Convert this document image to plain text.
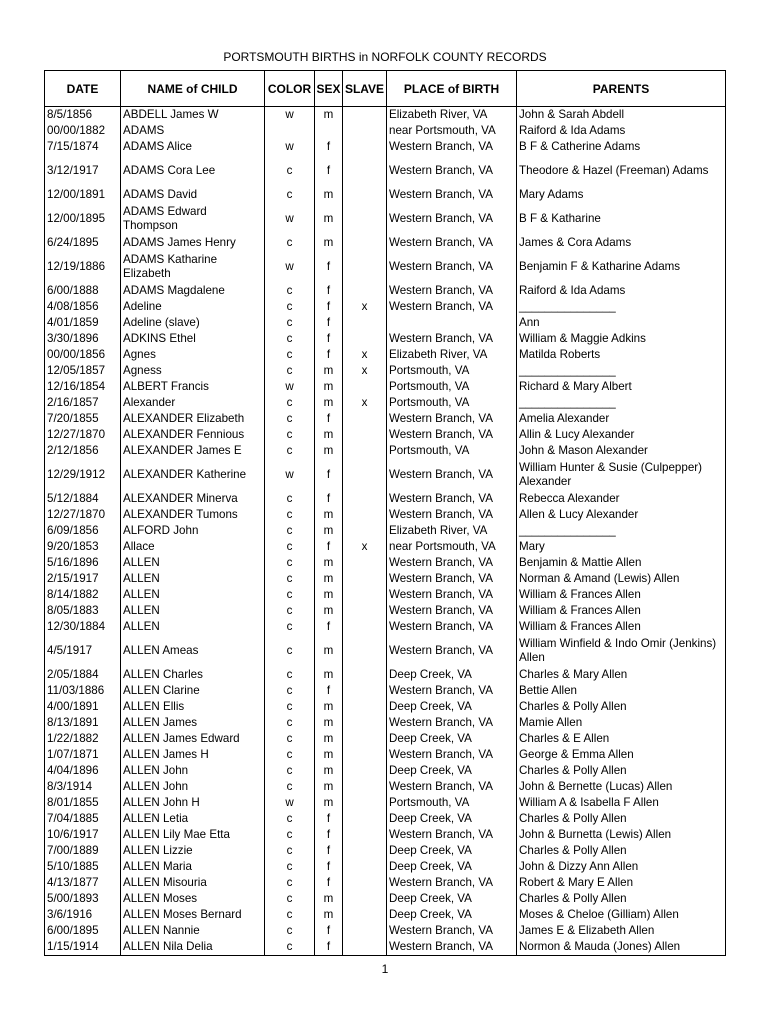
PORTSMOUTH BIRTHS in NORFOLK COUNTY RECORDS
DATE	NAME of CHILD	COLOR	SEX	SLAVE	PLACE of BIRTH	PARENTS
8/5/1856	ABDELL James W	w	m		Elizabeth River, VA	John & Sarah Abdell
00/00/1882	ADAMS				near Portsmouth, VA	Raiford & Ida Adams
7/15/1874	ADAMS Alice	w	f		Western Branch, VA	B F & Catherine Adams
3/12/1917	ADAMS Cora Lee	c	f		Western Branch, VA	Theodore & Hazel (Freeman) Adams
12/00/1891	ADAMS David	c	m		Western Branch, VA	Mary Adams
12/00/1895	ADAMS Edward Thompson	w	m		Western Branch, VA	B F & Katharine
6/24/1895	ADAMS James Henry	c	m		Western Branch, VA	James & Cora Adams
12/19/1886	ADAMS Katharine Elizabeth	w	f		Western Branch, VA	Benjamin F & Katharine Adams
6/00/1888	ADAMS Magdalene	c	f		Western Branch, VA	Raiford & Ida Adams
4/08/1856	Adeline	c	f	x	Western Branch, VA	_______________
4/01/1859	Adeline (slave)	c	f			Ann
3/30/1896	ADKINS Ethel	c	f		Western Branch, VA	William & Maggie Adkins
00/00/1856	Agnes	c	f	x	Elizabeth River, VA	Matilda Roberts
12/05/1857	Agness	c	m	x	Portsmouth, VA	_______________
12/16/1854	ALBERT Francis	w	m		Portsmouth, VA	Richard & Mary Albert
2/16/1857	Alexander	c	m	x	Portsmouth, VA	_______________
7/20/1855	ALEXANDER Elizabeth	c	f		Western Branch, VA	Amelia Alexander
12/27/1870	ALEXANDER Fennious	c	m		Western Branch, VA	Allin & Lucy Alexander
2/12/1856	ALEXANDER James E	c	m		Portsmouth, VA	John & Mason Alexander
12/29/1912	ALEXANDER Katherine	w	f		Western Branch, VA	William Hunter & Susie (Culpepper) Alexander
5/12/1884	ALEXANDER Minerva	c	f		Western Branch, VA	Rebecca Alexander
12/27/1870	ALEXANDER Tumons	c	m		Western Branch, VA	Allen & Lucy Alexander
6/09/1856	ALFORD John	c	m		Elizabeth River, VA	_______________
9/20/1853	Allace	c	f	x	near Portsmouth, VA	Mary
5/16/1896	ALLEN	c	m		Western Branch, VA	Benjamin & Mattie Allen
2/15/1917	ALLEN	c	m		Western Branch, VA	Norman & Amand (Lewis) Allen
8/14/1882	ALLEN	c	m		Western Branch, VA	William & Frances Allen
8/05/1883	ALLEN	c	m		Western Branch, VA	William & Frances Allen
12/30/1884	ALLEN	c	f		Western Branch, VA	William & Frances Allen
4/5/1917	ALLEN Ameas	c	m		Western Branch, VA	William Winfield & Indo Omir (Jenkins) Allen
2/05/1884	ALLEN Charles	c	m		Deep Creek, VA	Charles & Mary Allen
11/03/1886	ALLEN Clarine	c	f		Western Branch, VA	Bettie Allen
4/00/1891	ALLEN Ellis	c	m		Deep Creek, VA	Charles & Polly Allen
8/13/1891	ALLEN James	c	m		Western Branch, VA	Mamie Allen
1/22/1882	ALLEN James Edward	c	m		Deep Creek, VA	Charles & E Allen
1/07/1871	ALLEN James H	c	m		Western Branch, VA	George & Emma Allen
4/04/1896	ALLEN John	c	m		Deep Creek, VA	Charles & Polly Allen
8/3/1914	ALLEN John	c	m		Western Branch, VA	John & Bernette (Lucas) Allen
8/01/1855	ALLEN John H	w	m		Portsmouth, VA	William A & Isabella F Allen
7/04/1885	ALLEN Letia	c	f		Deep Creek, VA	Charles & Polly Allen
10/6/1917	ALLEN Lily Mae Etta	c	f		Western Branch, VA	John & Burnetta (Lewis) Allen
7/00/1889	ALLEN Lizzie	c	f		Deep Creek, VA	Charles & Polly Allen
5/10/1885	ALLEN Maria	c	f		Deep Creek, VA	John & Dizzy Ann Allen
4/13/1877	ALLEN Misouria	c	f		Western Branch, VA	Robert & Mary E Allen
5/00/1893	ALLEN Moses	c	m		Deep Creek, VA	Charles & Polly Allen
3/6/1916	ALLEN Moses Bernard	c	m		Deep Creek, VA	Moses & Cheloe (Gilliam) Allen
6/00/1895	ALLEN Nannie	c	f		Western Branch, VA	James E & Elizabeth Allen
1/15/1914	ALLEN Nila Delia	c	f		Western Branch, VA	Normon & Mauda (Jones) Allen
1
